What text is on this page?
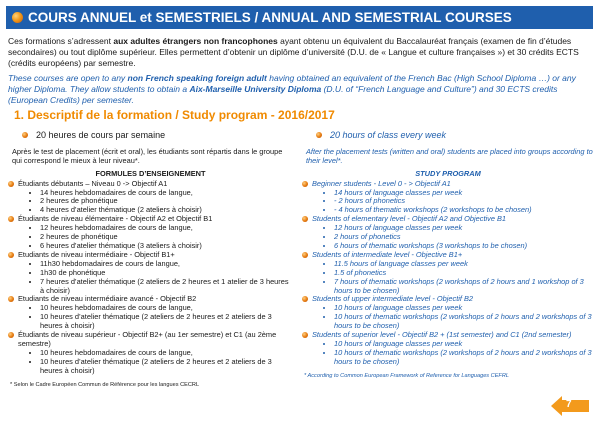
COURS ANNUEL et SEMESTRIELS / ANNUAL AND SEMESTRIAL COURSES
Ces formations s’adressent aux adultes étrangers non francophones ayant obtenu un équivalent du Baccalauréat français (examen de fin d’études secondaires) ou tout diplôme supérieur. Elles permettent d’obtenir un diplôme d’université (D.U. de « Langue et culture françaises ») et 30 crédits ECTS (crédits européens) par semestre.
These courses are open to any non French speaking foreign adult having obtained an equivalent of the French Bac (High School Diploma …) or any higher Diploma. They allow students to obtain a Aix-Marseille University Diploma (D.U. of “French Language and Culture”) and 30 ECTS credits (European Credits) per semester.
1. Descriptif de la formation / Study program - 2016/2017
20 heures de cours par semaine
Après le test de placement (écrit et oral), les étudiants sont répartis dans le groupe qui correspond le mieux à leur niveau*.
FORMULES D’ENSEIGNEMENT
Étudiants débutants – Niveau 0 -> Objectif A1
• 14 heures hebdomadaires de cours de langue,
• 2 heures de phonétique
• 4 heures d’atelier thématique (2 ateliers à choisir)
Étudiants de niveau élémentaire - Objectif A2 et Objectif B1
• 12 heures hebdomadaires de cours de langue,
• 2 heures de phonétique
• 6 heures d’atelier thématique (3 ateliers à choisir)
Etudiants de niveau intermédiaire - Objectif B1+
• 11h30 hebdomadaires de cours de langue,
• 1h30 de phonétique
• 7 heures d’atelier thématique (2 ateliers de 2 heures et 1 atelier de 3 heures à choisir)
Etudiants de niveau intermédiaire avancé - Objectif B2
• 10 heures hebdomadaires de cours de langue,
• 10 heures d’atelier thématique (2 ateliers de 2 heures et 2 ateliers de 3 heures à choisir)
Étudiants de niveau supérieur - Objectif B2+ (au 1er semestre) et C1 (au 2ème semestre)
• 10 heures hebdomadaires de cours de langue,
• 10 heures d’atelier thématique (2 ateliers de 2 heures et 2 ateliers de 3 heures à choisir)
* Selon le Cadre Européen Commun de Référence pour les langues CECRL
20 hours of class every week
After the placement tests (written and oral) students are placed into groups according to their level*.
STUDY PROGRAM
Beginner students - Level 0 - > Objectif A1
• 14 hours of language classes per week
• - 2 hours of phonetics
• - 4 hours of thematic workshops (2 workshops to be chosen)
Students of elementary level - Objectif A2 and Objective B1
• 12 hours of language classes per week
• 2 hours of phonetics
• 6 hours of thematic workshops (3 workshops to be chosen)
Students of intermediate level - Objective B1+
• 11.5 hours of language classes per week
• 1.5 of phonetics
• 7 hours of thematic workshops (2 workshops of 2 hours and 1 workshop of 3 hours to be chosen)
Students of upper intermediate level - Objectif B2
• 10 hours of language classes per week
• 10 hours of thematic workshops (2 workshops of 2 hours and 2 workshops of 3 hours to be chosen)
Students of superior level - Objectif B2 + (1st semester) and C1 (2nd semester)
• 10 hours of language classes per week
• 10 hours of thematic workshops (2 workshops of 2 hours and 2 workshops of 3 hours to be chosen)
* According to Common European Framework of Reference for Languages CEFRL
7
